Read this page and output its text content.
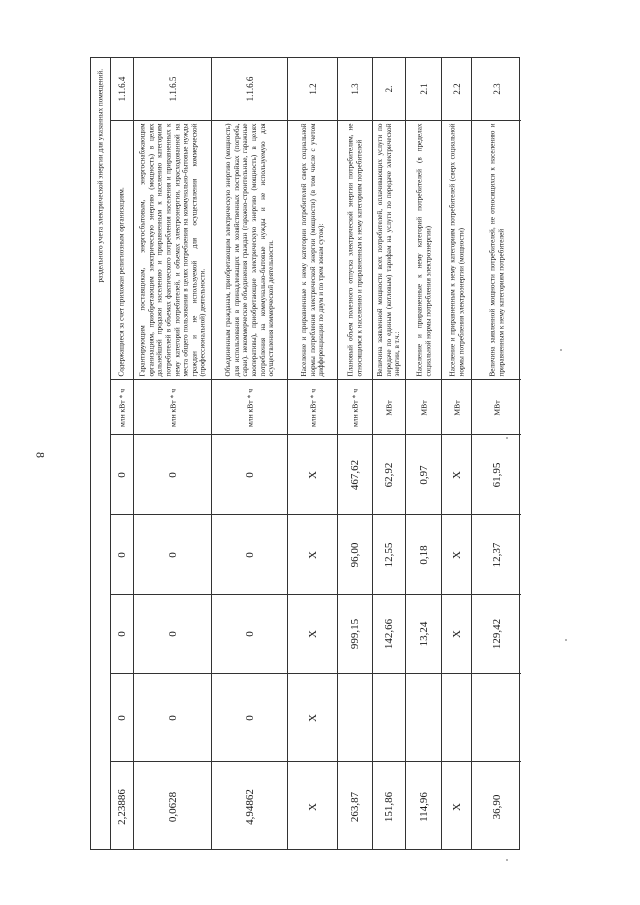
8
раздельного учета электрической энергии для указанных помещений. 1.1.6.4
Содержащиеся за счет прихожан религиозным организациям.
млн кВт * ч
0
0
0
0
2,23886
1.1.6.5
Гарантирующим поставщикам, энергосбытовым, энергоснабжающим организациям, приобретающим электрическую энергию (мощность) в целях дальнейшей продажи населению и приравненным к населению категориям потребителей в объемах фактического потребления населения и приравненных к нему категорий потребителей, и объемах электроэнергии, израсходованной на места общего пользования в целях потребления на коммунально-бытовые нужды граждан и не используемой для осуществления коммерческой (профессиональной) деятельности.
млн кВт * ч
0
0
0
0
0,0628
1.1.6.6
Объединенным гражданам, приобретающим электрическую энергию (мощность) для использования в принадлежащих им хозяйственных постройках (погреба, сараи). некоммерческие объединения граждан (гаражно-строительные, гаражные кооперативы), приобретающие электрическую энергию (мощность) в целях потребления на коммунально-бытовые нужды и не используемую для осуществления коммерческой деятельности.
млн кВт * ч
0
0
0
0
4,94862
1.2
Население и приравненные к нему категории потребителей сверх социальной нормы потребления электрической энергии (мощности) (в том числе с учетом дифференциации по двум и по трем зонам суток):
млн кВт * ч
Х
Х
Х
Х
Х
1.3
Плановый объем полезного отпуска электрической энергии потребителям, не относящимся к населению и приравненным к нему категориям потребителей
млн кВт * ч
467,62
96,00
999,15
263,87
2.
Величина заявленной мощности всех потребителей, оплачивающих услуги по передаче по единым (котловым) тарифам на услуги по передаче электрической энергии, в т.ч.:
МВт
62,92
12,55
142,66
151,86
2.1
Население и приравненные к нему категорий потребителей (в пределах социальной нормы потребления электроэнергии)
МВт
0,97
0,18
13,24
114,96
2.2
Население и приравненным к нему категориям потребителей (сверх социальной нормы потребления электроэнергии (мощности)
МВт
Х
Х
Х
Х
2.3
Величина заявленной мощности потребителей, не относящихся к населению и приравненным к нему категориям потребителей
МВт
61,95
12,37
129,42
36,90
